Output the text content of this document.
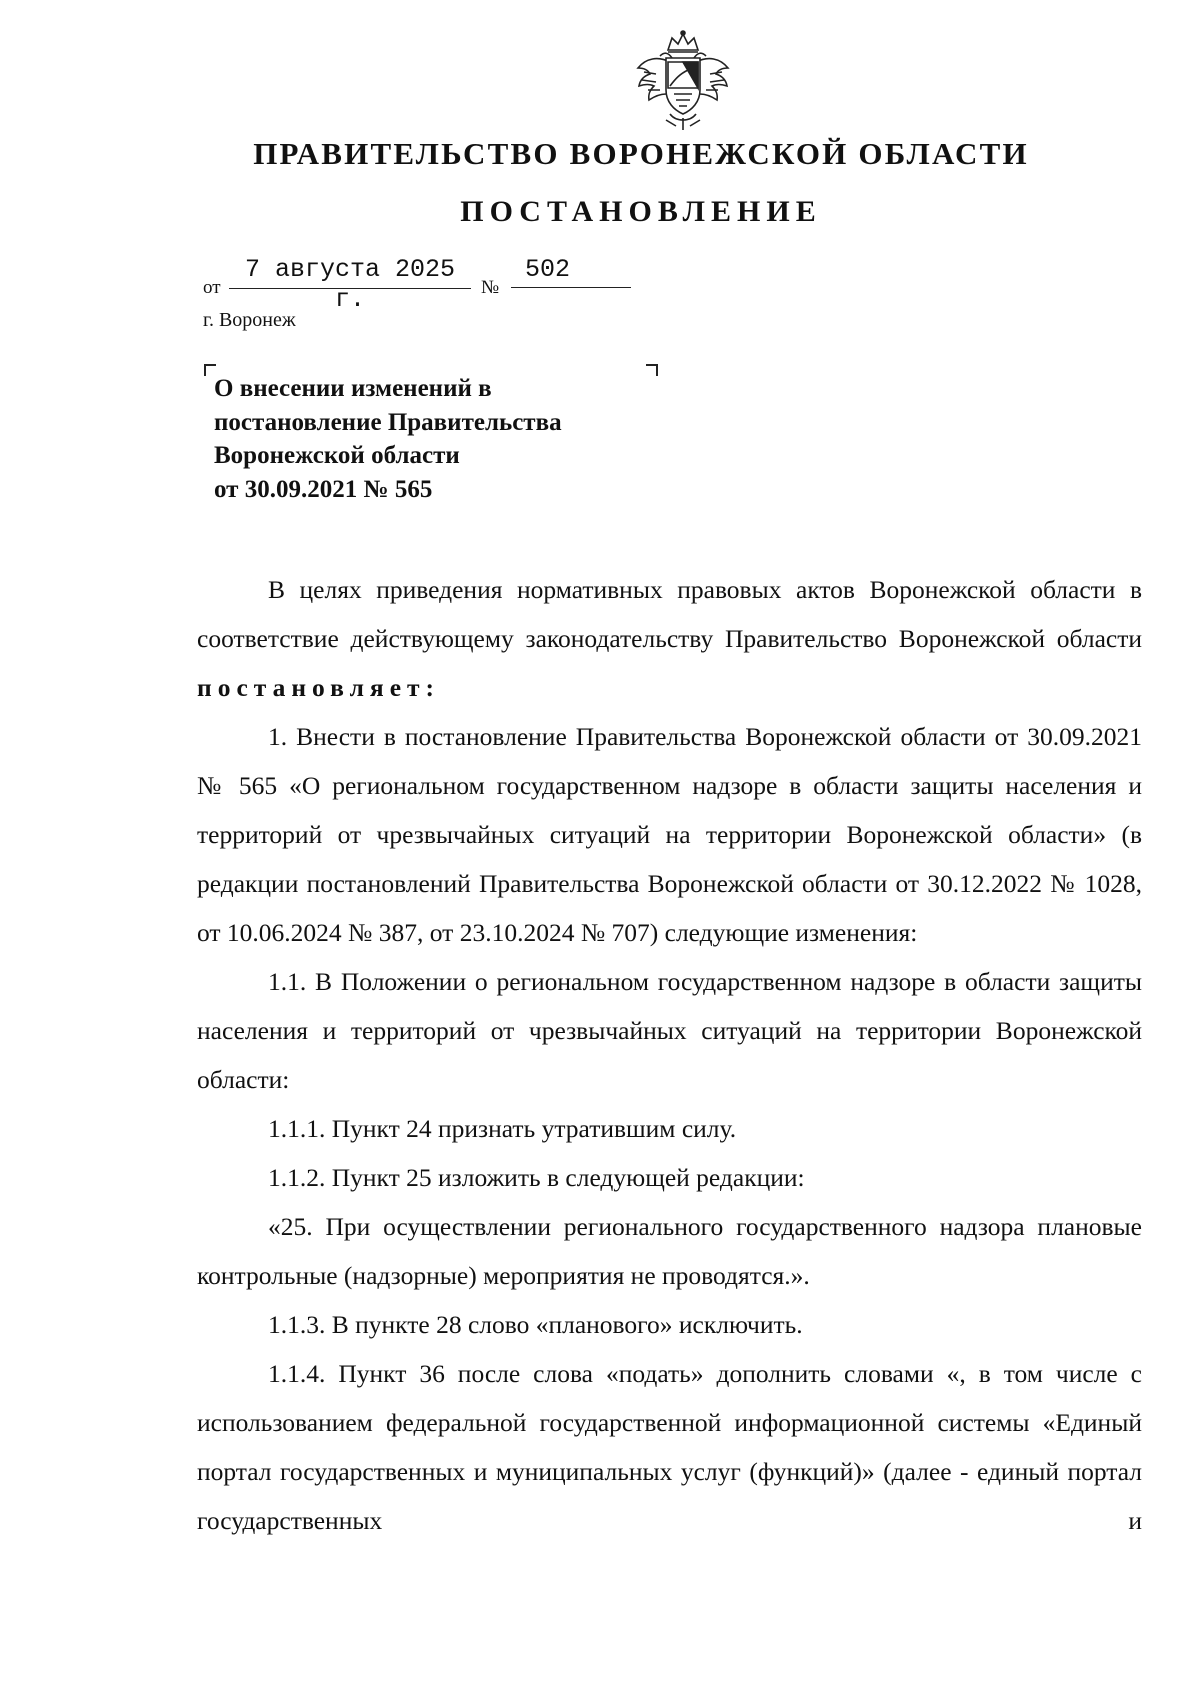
ПРАВИТЕЛЬСТВО ВОРОНЕЖСКОЙ ОБЛАСТИ
ПОСТАНОВЛЕНИЕ
от
7 августа 2025 г.	№
502
г. Воронеж
О внесении изменений в
постановление Правительства
Воронежской области
от 30.09.2021 № 565

В целях приведения нормативных правовых актов Воронежской области в соответствие действующему законодательству Правительство Воронежской области постановляет:

1. Внести в постановление Правительства Воронежской области от 30.09.2021 № 565 «О региональном государственном надзоре в области защиты населения и территорий от чрезвычайных ситуаций на территории Воронежской области» (в редакции постановлений Правительства Воронежской области от 30.12.2022 № 1028, от 10.06.2024 № 387, от 23.10.2024 № 707) следующие изменения:

1.1. В Положении о региональном государственном надзоре в области защиты населения и территорий от чрезвычайных ситуаций на территории Воронежской области:

1.1.1. Пункт 24 признать утратившим силу.

1.1.2. Пункт 25 изложить в следующей редакции:

«25. При осуществлении регионального государственного надзора плановые контрольные (надзорные) мероприятия не проводятся.».

1.1.3. В пункте 28 слово «планового» исключить.

1.1.4. Пункт 36 после слова «подать» дополнить словами «, в том числе с использованием федеральной государственной информационной системы «Единый портал государственных и муниципальных услуг (функций)» (далее - единый портал государственных и
